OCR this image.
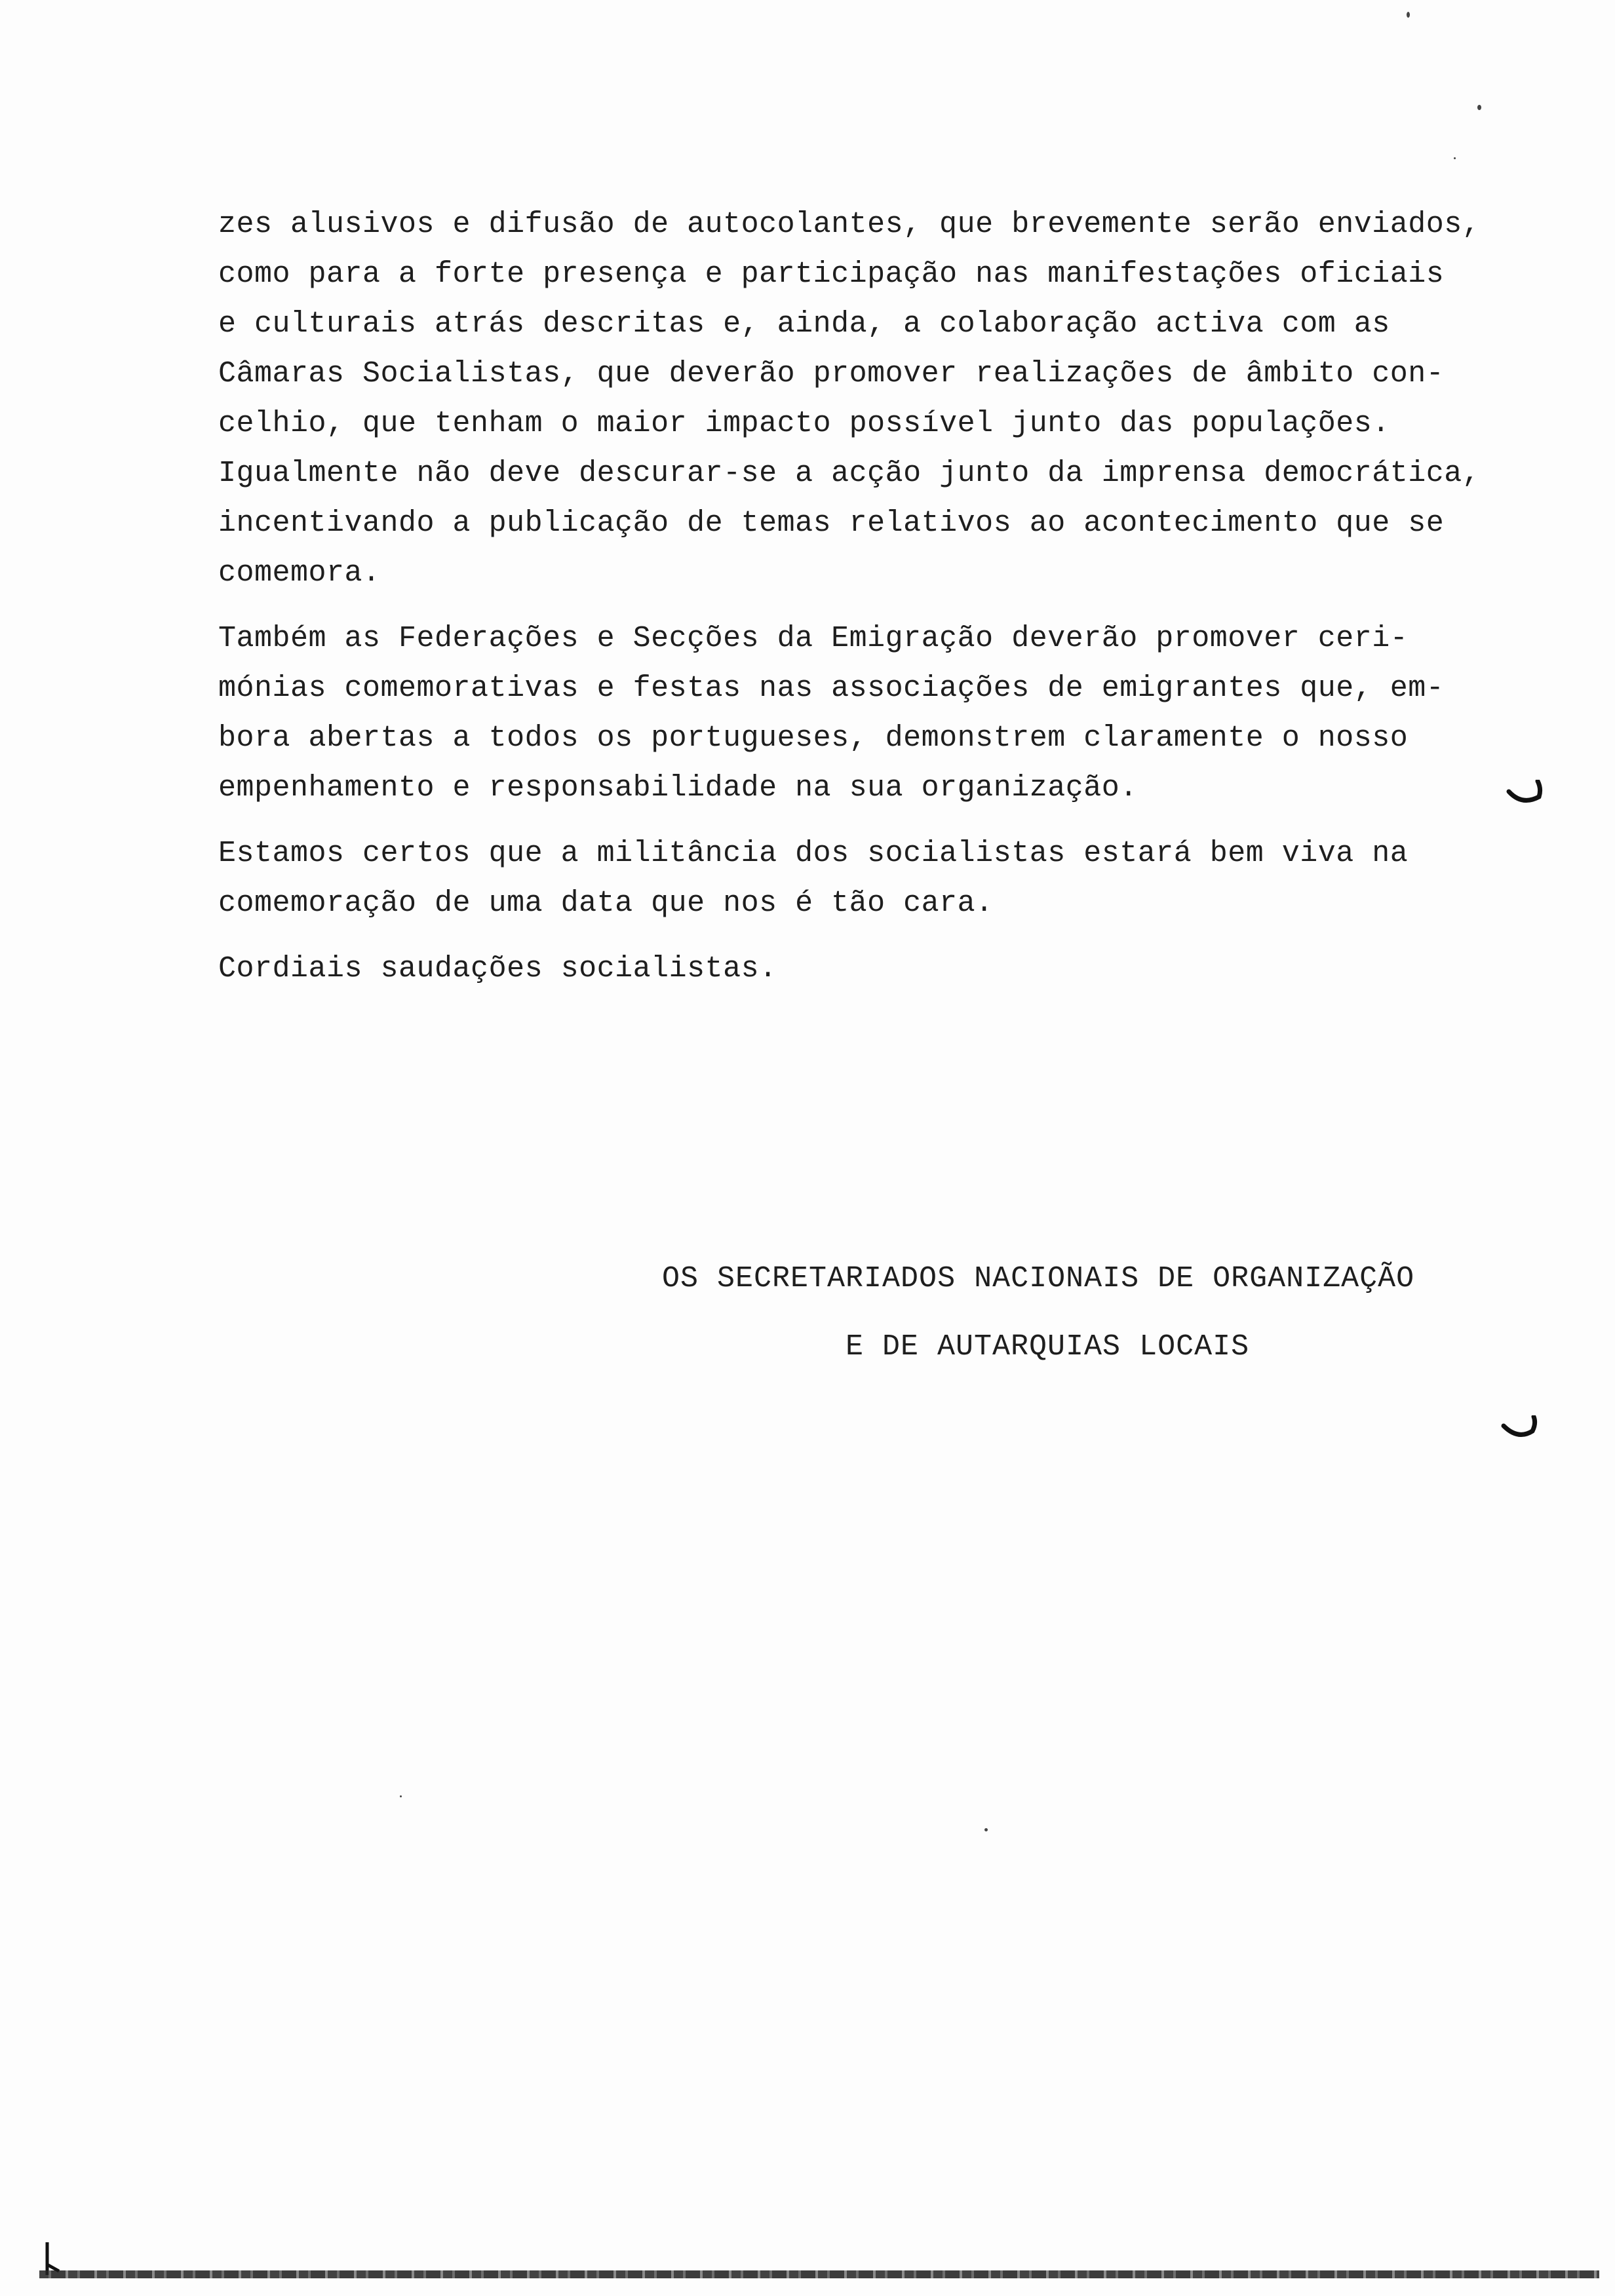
zes alusivos e difusão de autocolantes, que brevemente serão enviados,
como para a forte presença e participação nas manifestações oficiais
e culturais atrás descritas e, ainda, a colaboração activa com as
Câmaras Socialistas, que deverão promover realizações de âmbito con-
celhio, que tenham o maior impacto possível junto das populações.
Igualmente não deve descurar-se a acção junto da imprensa democrática,
incentivando a publicação de temas relativos ao acontecimento que se
comemora.
Também as Federações e Secções da Emigração deverão promover ceri-
mónias comemorativas e festas nas associações de emigrantes que, em-
bora abertas a todos os portugueses, demonstrem claramente o nosso
empenhamento e responsabilidade na sua organização.
Estamos certos que a militância dos socialistas estará bem viva na
comemoração de uma data que nos é tão cara.
Cordiais saudações socialistas.
OS SECRETARIADOS NACIONAIS DE ORGANIZAÇÃO
E DE AUTARQUIAS LOCAIS
